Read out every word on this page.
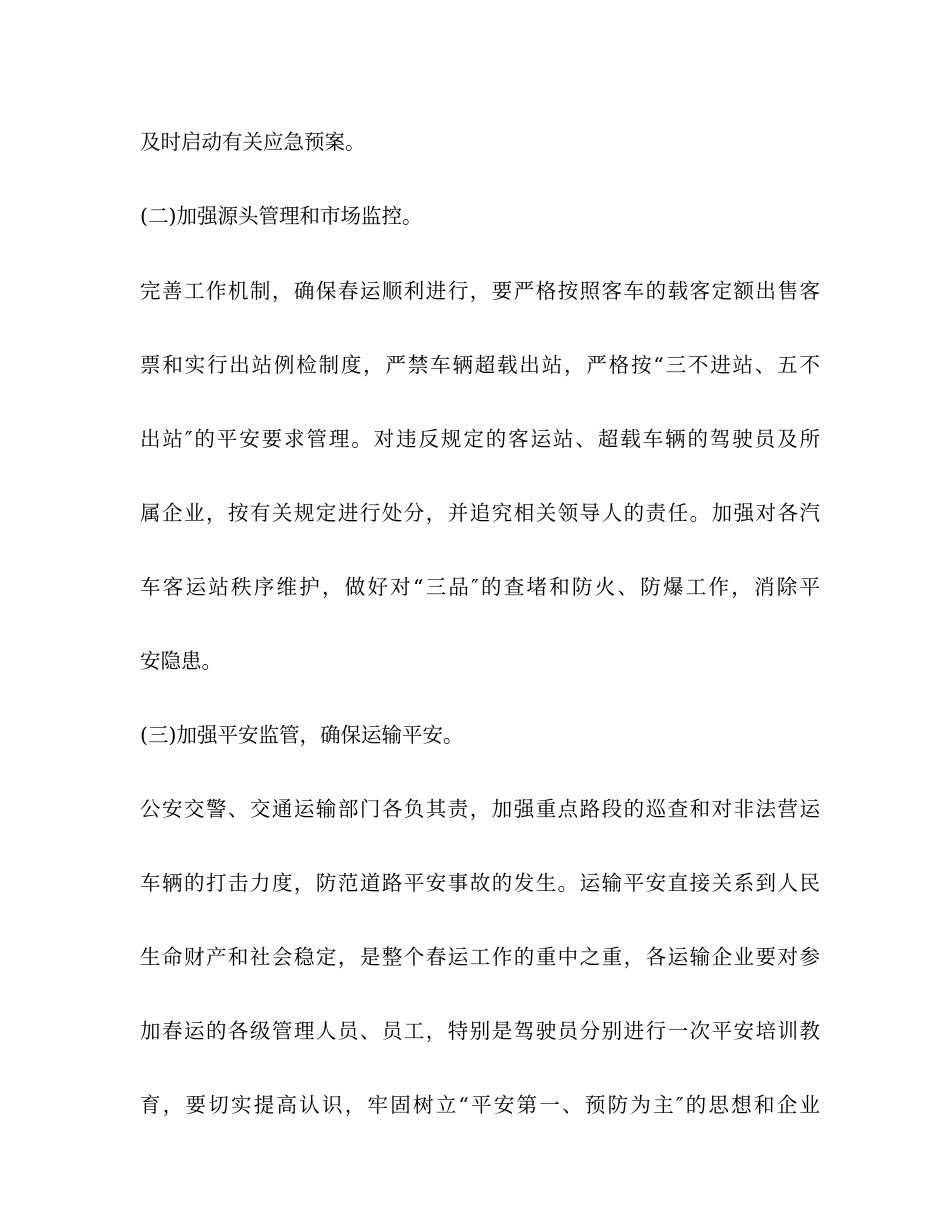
及时启动有关应急预案。
(二)加强源头管理和市场监控。
完善工作机制，确保春运顺利进行，要严格按照客车的载客定额出售客
票和实行出站例检制度，严禁车辆超载出站，严格按“三不进站、五不
出站″的平安要求管理。对违反规定的客运站、超载车辆的驾驶员及所
属企业，按有关规定进行处分，并追究相关领导人的责任。加强对各汽
车客运站秩序维护，做好对“三品″的查堵和防火、防爆工作，消除平
安隐患。
(三)加强平安监管，确保运输平安。
公安交警、交通运输部门各负其责，加强重点路段的巡查和对非法营运
车辆的打击力度，防范道路平安事故的发生。运输平安直接关系到人民
生命财产和社会稳定，是整个春运工作的重中之重，各运输企业要对参
加春运的各级管理人员、员工，特别是驾驶员分别进行一次平安培训教
育，要切实提高认识，牢固树立“平安第一、预防为主″的思想和企业
